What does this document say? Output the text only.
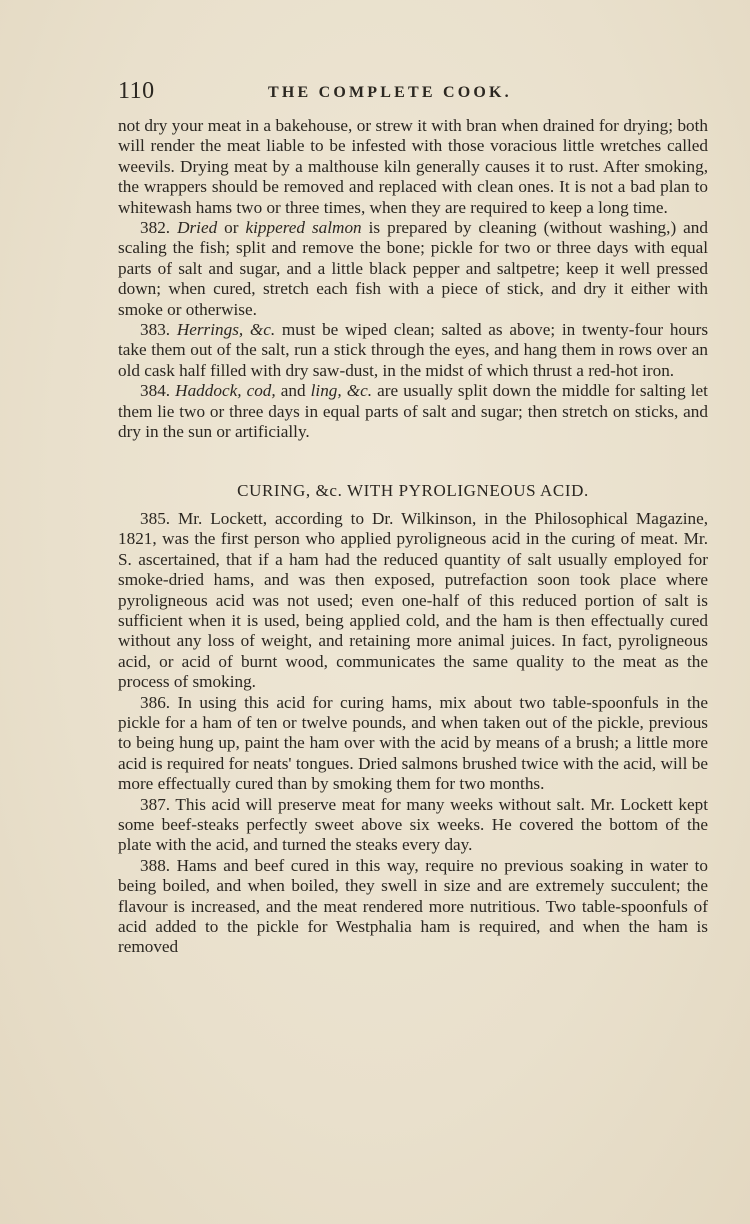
110	THE COMPLETE COOK.

not dry your meat in a bakehouse, or strew it with bran when drained for drying; both will render the meat liable to be infested with those voracious little wretches called weevils. Drying meat by a malthouse kiln generally causes it to rust. After smoking, the wrappers should be removed and replaced with clean ones. It is not a bad plan to whitewash hams two or three times, when they are required to keep a long time.

382. Dried or kippered salmon is prepared by cleaning (without washing,) and scaling the fish; split and remove the bone; pickle for two or three days with equal parts of salt and sugar, and a little black pepper and saltpetre; keep it well pressed down; when cured, stretch each fish with a piece of stick, and dry it either with smoke or otherwise.

383. Herrings, &c. must be wiped clean; salted as above; in twenty-four hours take them out of the salt, run a stick through the eyes, and hang them in rows over an old cask half filled with dry saw-dust, in the midst of which thrust a red-hot iron.

384. Haddock, cod, and ling, &c. are usually split down the middle for salting let them lie two or three days in equal parts of salt and sugar; then stretch on sticks, and dry in the sun or artificially.

CURING, &c. WITH PYROLIGNEOUS ACID.

385. Mr. Lockett, according to Dr. Wilkinson, in the Philosophical Magazine, 1821, was the first person who applied pyroligneous acid in the curing of meat. Mr. S. ascertained, that if a ham had the reduced quantity of salt usually employed for smoke-dried hams, and was then exposed, putrefaction soon took place where pyroligneous acid was not used; even one-half of this reduced portion of salt is sufficient when it is used, being applied cold, and the ham is then effectually cured without any loss of weight, and retaining more animal juices. In fact, pyroligneous acid, or acid of burnt wood, communicates the same quality to the meat as the process of smoking.

386. In using this acid for curing hams, mix about two table-spoonfuls in the pickle for a ham of ten or twelve pounds, and when taken out of the pickle, previous to being hung up, paint the ham over with the acid by means of a brush; a little more acid is required for neats' tongues. Dried salmons brushed twice with the acid, will be more effectually cured than by smoking them for two months.

387. This acid will preserve meat for many weeks without salt. Mr. Lockett kept some beef-steaks perfectly sweet above six weeks. He covered the bottom of the plate with the acid, and turned the steaks every day.

388. Hams and beef cured in this way, require no previous soaking in water to being boiled, and when boiled, they swell in size and are extremely succulent; the flavour is increased, and the meat rendered more nutritious. Two table-spoonfuls of acid added to the pickle for Westphalia ham is required, and when the ham is removed
